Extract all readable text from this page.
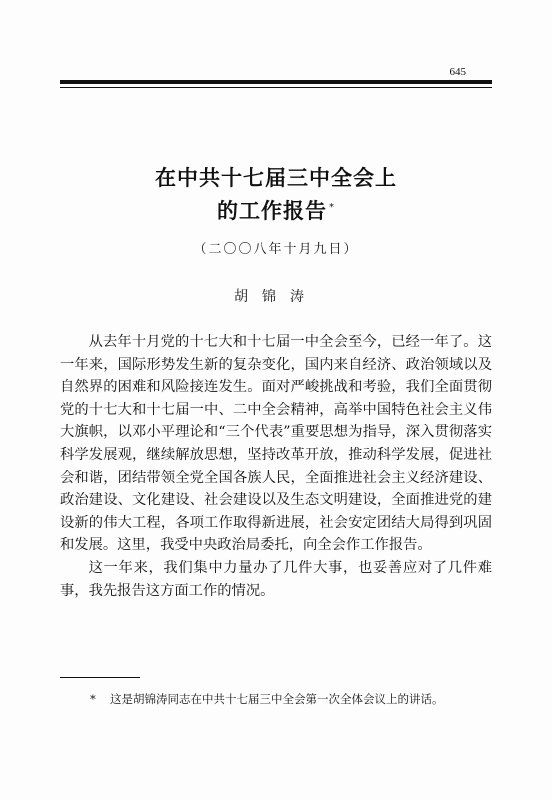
645
在中共十七届三中全会上
的工作报告 *
（二〇〇八年十月九日）
胡锦涛

从去年十月党的十七大和十七届一中全会至今，已经一年了。这一年来，国际形势发生新的复杂变化，国内来自经济、政治领域以及自然界的困难和风险接连发生。面对严峻挑战和考验，我们全面贯彻党的十七大和十七届一中、二中全会精神，高举中国特色社会主义伟大旗帜，以邓小平理论和“三个代表”重要思想为指导，深入贯彻落实科学发展观，继续解放思想，坚持改革开放，推动科学发展，促进社会和谐，团结带领全党全国各族人民，全面推进社会主义经济建设、政治建设、文化建设、社会建设以及生态文明建设，全面推进党的建设新的伟大工程，各项工作取得新进展，社会安定团结大局得到巩固和发展。这里，我受中央政治局委托，向全会作工作报告。

这一年来，我们集中力量办了几件大事，也妥善应对了几件难事，我先报告这方面工作的情况。

*	这是胡锦涛同志在中共十七届三中全会第一次全体会议上的讲话。
